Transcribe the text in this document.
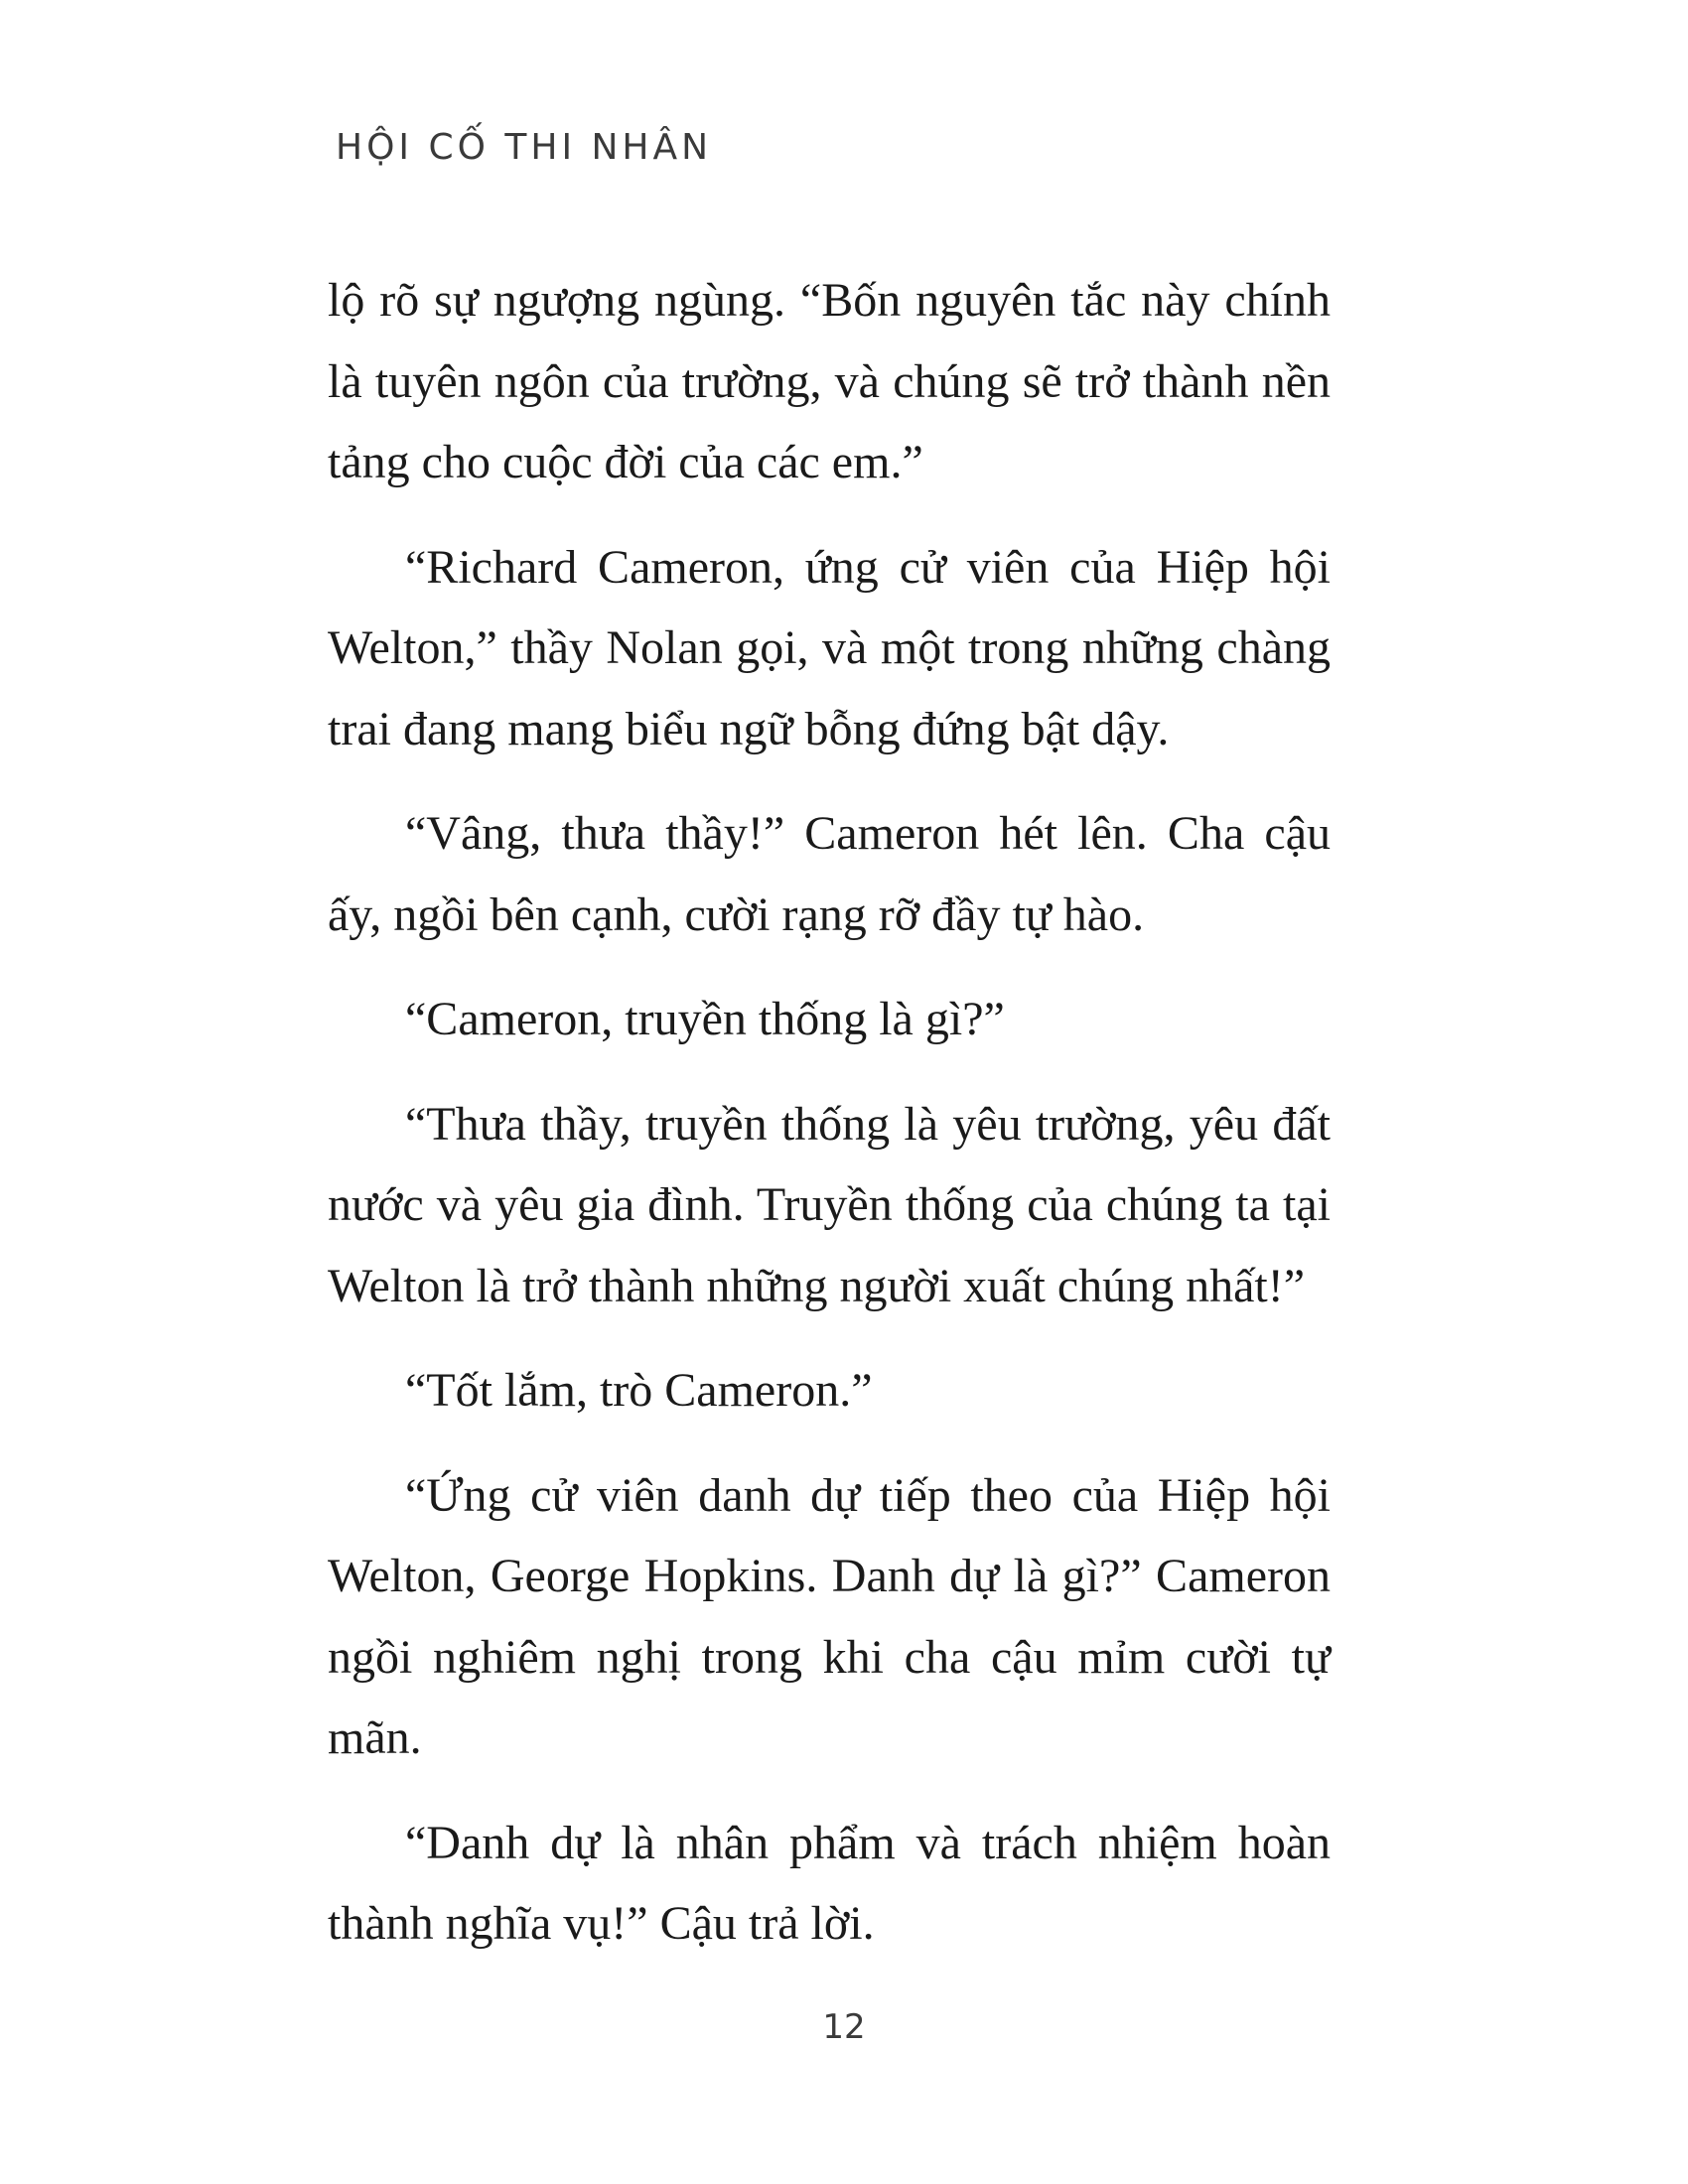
HỘI CỐ THI NHÂN

lộ rõ sự ngượng ngùng. “Bốn nguyên tắc này chính là tuyên ngôn của trường, và chúng sẽ trở thành nền tảng cho cuộc đời của các em.”

“Richard Cameron, ứng cử viên của Hiệp hội Welton,” thầy Nolan gọi, và một trong những chàng trai đang mang biểu ngữ bỗng đứng bật dậy.

“Vâng, thưa thầy!” Cameron hét lên. Cha cậu ấy, ngồi bên cạnh, cười rạng rỡ đầy tự hào.

“Cameron, truyền thống là gì?”

“Thưa thầy, truyền thống là yêu trường, yêu đất nước và yêu gia đình. Truyền thống của chúng ta tại Welton là trở thành những người xuất chúng nhất!”

“Tốt lắm, trò Cameron.”

“Ứng cử viên danh dự tiếp theo của Hiệp hội Welton, George Hopkins. Danh dự là gì?” Cameron ngồi nghiêm nghị trong khi cha cậu mỉm cười tự mãn.

“Danh dự là nhân phẩm và trách nhiệm hoàn thành nghĩa vụ!” Cậu trả lời.

12
